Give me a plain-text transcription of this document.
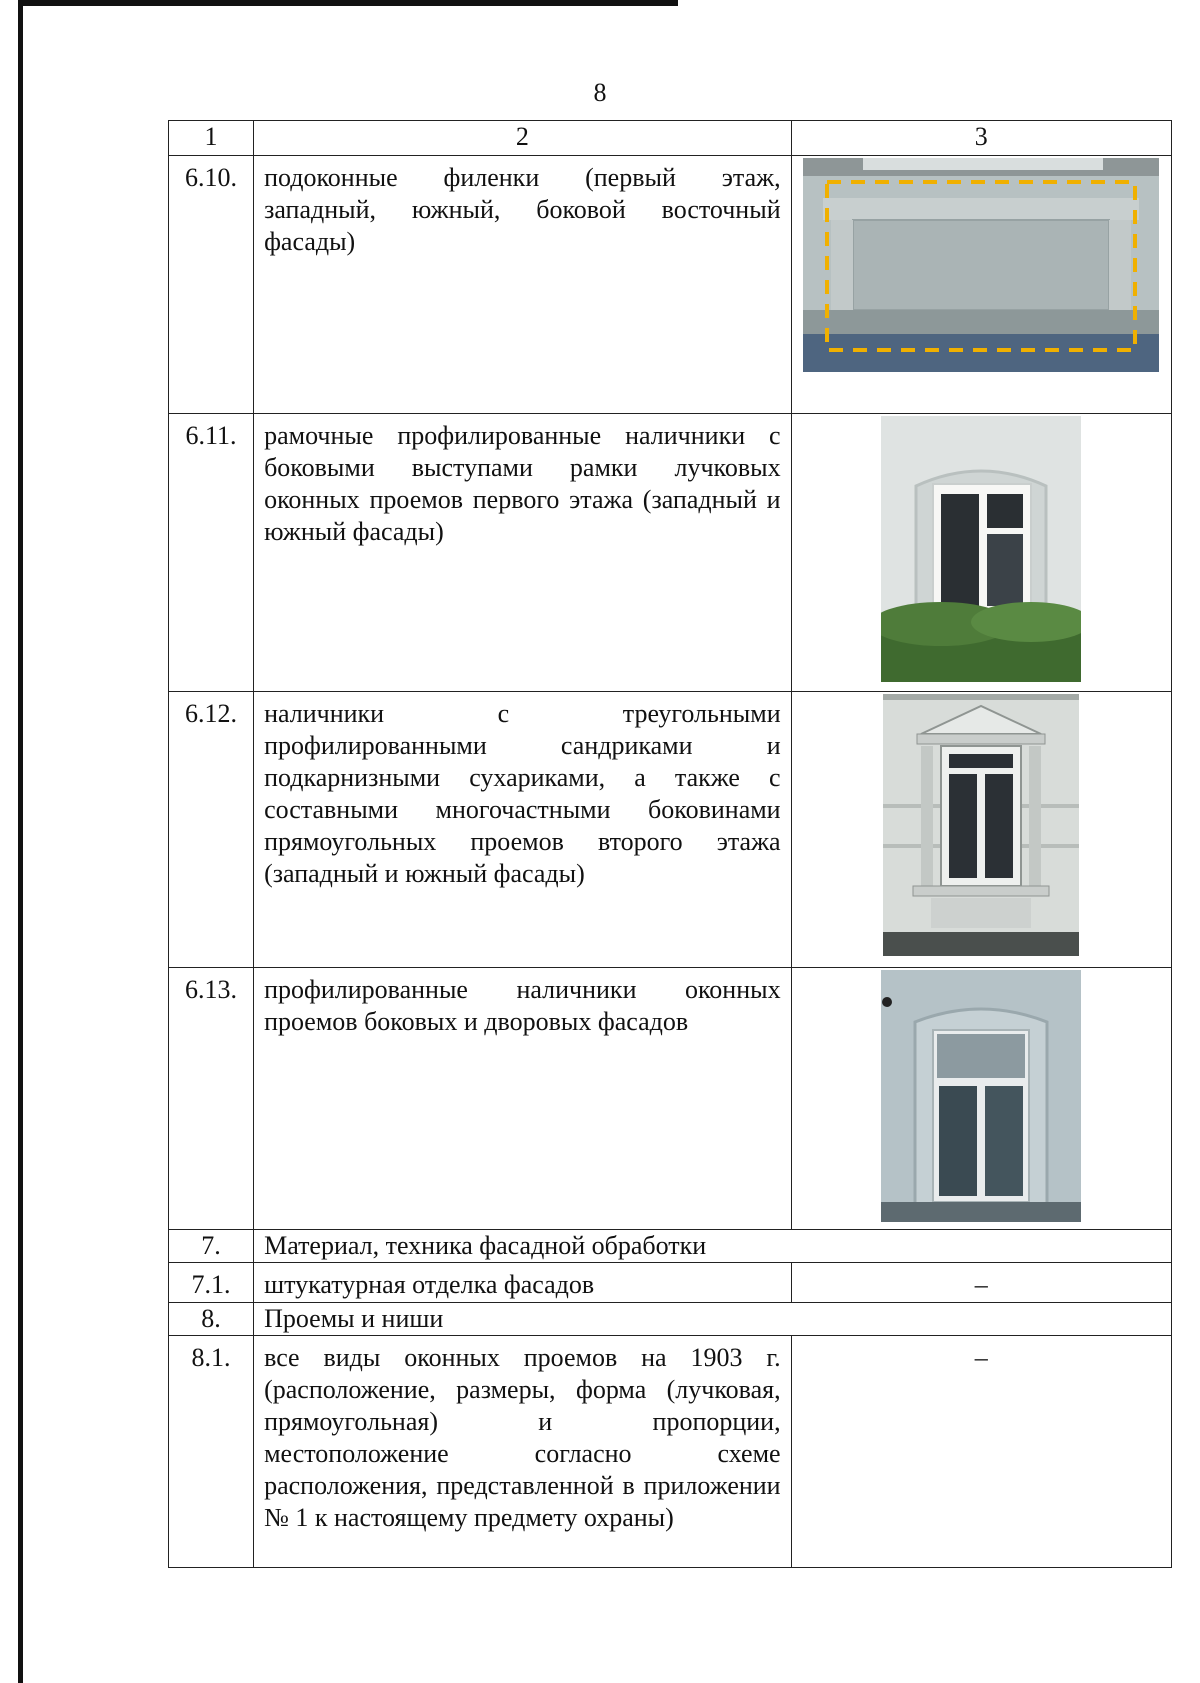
8
1	2	3
6.10.	подоконные филенки (первый этаж, западный, южный, боковой восточный фасады)	

6.11.	рамочные профилированные наличники с боковыми выступами рамки лучковых оконных проемов первого этажа (западный и южный фасады)	

6.12.	наличники с треугольными профилированными сандриками и подкарнизными сухариками, а также с составными многочастными боковинами прямоугольных проемов второго этажа (западный и южный фасады)	

6.13.	профилированные наличники оконных проемов боковых и дворовых фасадов	

7.	Материал, техника фасадной обработки	
7.1.	штукатурная отделка фасадов	–
8.	Проемы и ниши	
8.1.	все виды оконных проемов на 1903 г. (расположение, размеры, форма (лучковая, прямоугольная) и пропорции, местоположение согласно схеме расположения, представленной в приложении № 1 к настоящему предмету охраны)	–
